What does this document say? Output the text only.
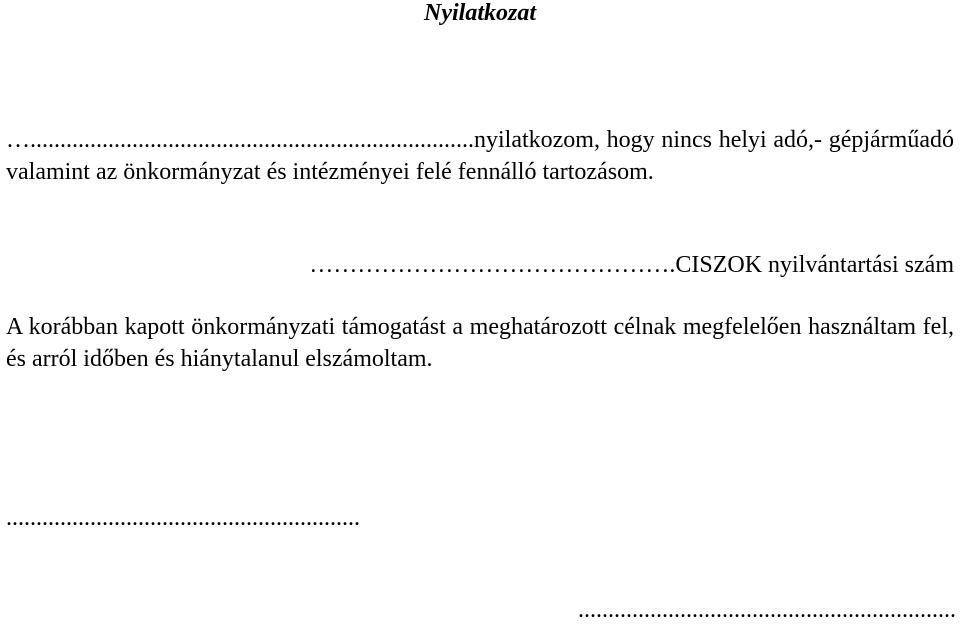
Nyilatkozat

…..........................................................................nyilatkozom, hogy nincs helyi adó,- gépjárműadó valamint az önkormányzat és intézményei felé fennálló tartozásom.

……………………………………….CISZOK nyilvántartási szám

A korábban kapott önkormányzati támogatást a meghatározott célnak megfelelően használtam fel, és arról időben és hiánytalanul elszámoltam.

...........................................................
...............................................................
